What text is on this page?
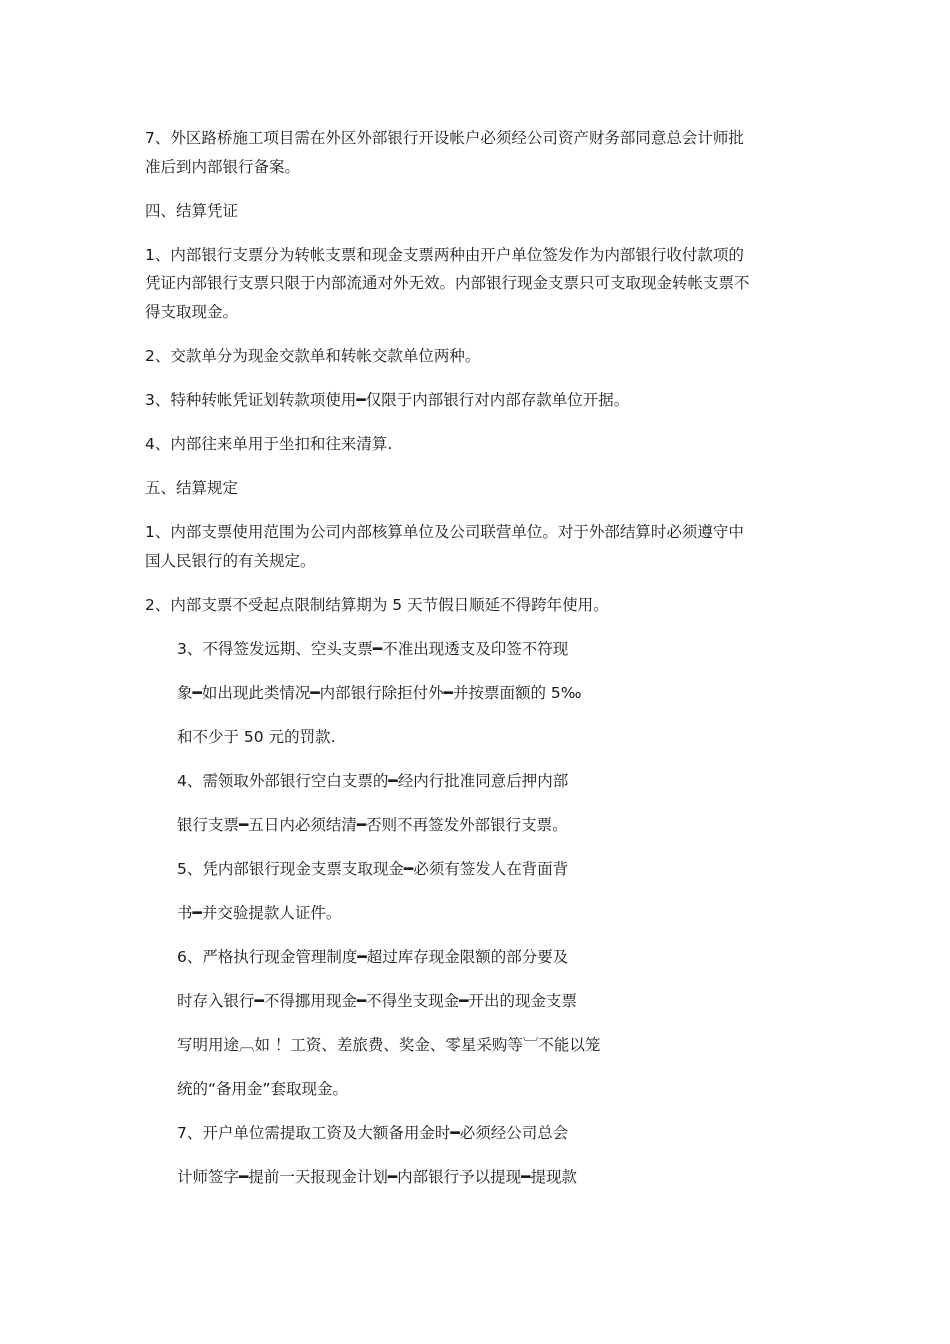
7、外区路桥施工项目需在外区外部银行开设帐户必须经公司资产财务部同意总会计师批
准后到内部银行备案。
四、结算凭证
1、内部银行支票分为转帐支票和现金支票两种由开户单位签发作为内部银行收付款项的
凭证内部银行支票只限于内部流通对外无效。内部银行现金支票只可支取现金转帐支票不
得支取现金。
2、交款单分为现金交款单和转帐交款单位两种。
3、特种转帐凭证划转款项使用━仅限于内部银行对内部存款单位开据。
4、内部往来单用于坐扣和往来清算.
五、结算规定
1、内部支票使用范围为公司内部核算单位及公司联营单位。对于外部结算时必须遵守中
国人民银行的有关规定。
2、内部支票不受起点限制结算期为 5 天节假日顺延不得跨年使用。
3、不得签发远期、空头支票━不准出现透支及印签不符现
象━如出现此类情况━内部银行除拒付外━并按票面额的 5‰
和不少于 50 元的罚款.
4、需领取外部银行空白支票的━经内行批准同意后押内部
银行支票━五日内必须结清━否则不再签发外部银行支票。
5、凭内部银行现金支票支取现金━必须有签发人在背面背
书━并交验提款人证件。
6、严格执行现金管理制度━超过库存现金限额的部分要及
时存入银行━不得挪用现金━不得坐支现金━开出的现金支票
写明用途︹如 ！工资、差旅费、奖金、零星采购等︺不能以笼
统的“备用金”套取现金。
7、开户单位需提取工资及大额备用金时━必须经公司总会
计师签字━提前一天报现金计划━内部银行予以提现━提现款
